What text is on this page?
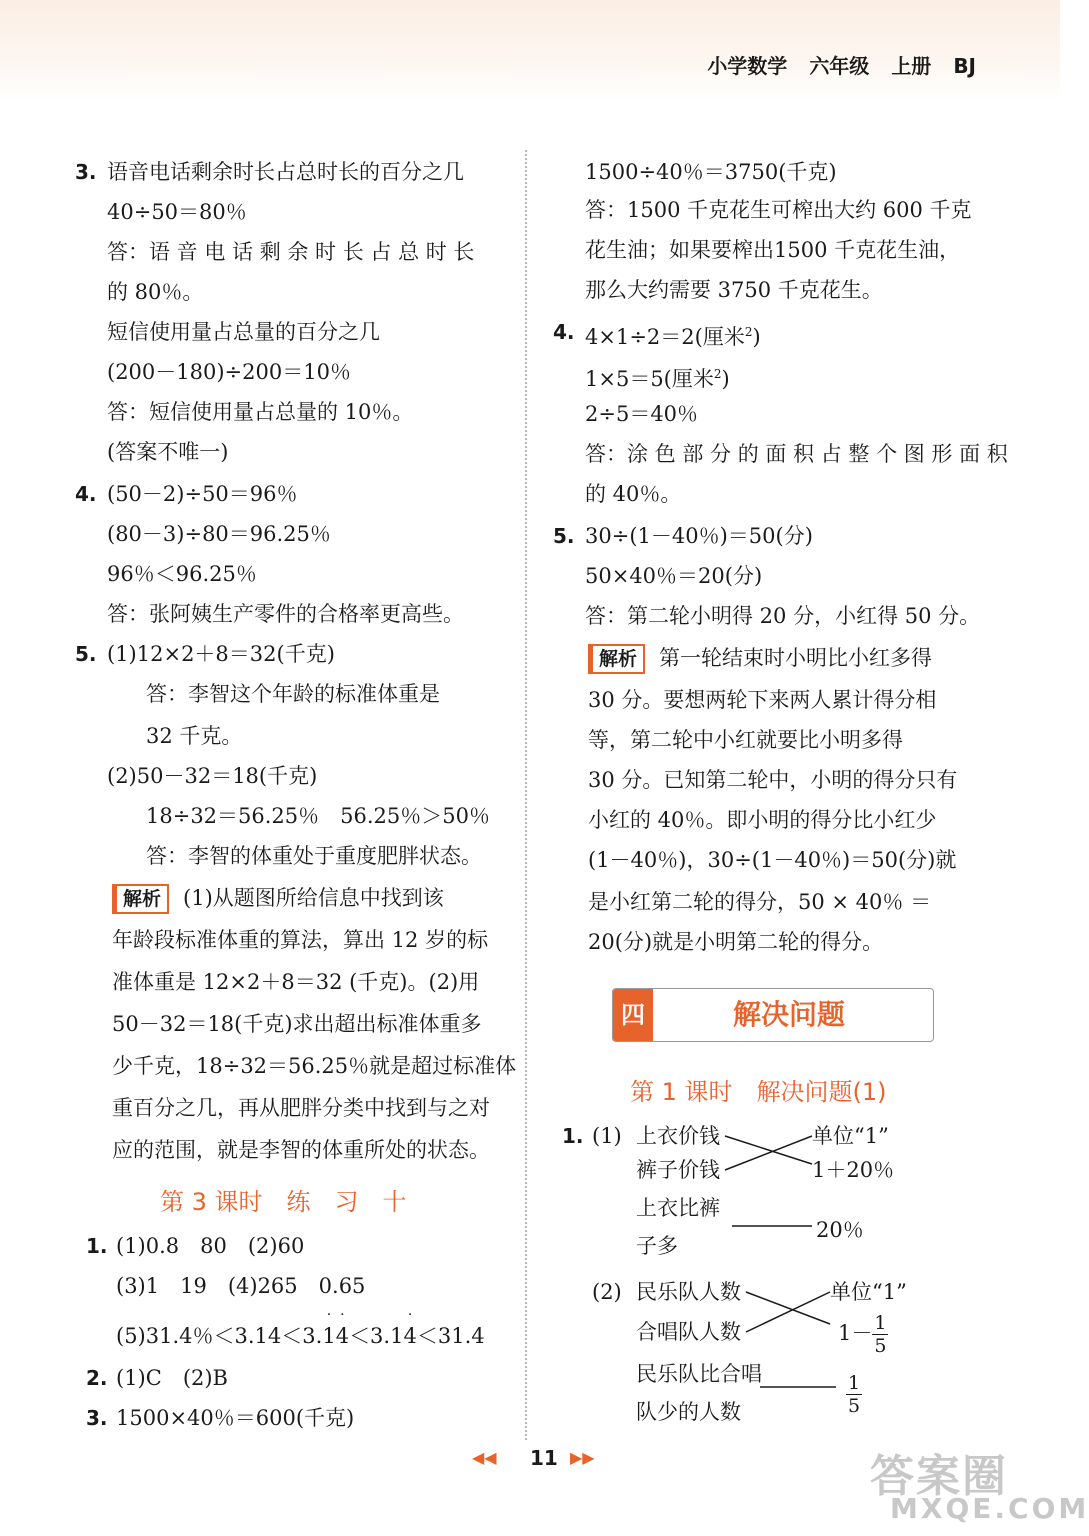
小学数学 六年级 上册 BJ
3. 语音电话剩余时长占总时长的百分之几
40÷50＝80％
答：语 音 电 话 剩 余 时 长 占 总 时 长
的 80％。
短信使用量占总量的百分之几
(200－180)÷200＝10％
答：短信使用量占总量的 10％。
(答案不唯一)
4. (50－2)÷50＝96％
(80－3)÷80＝96.25％
96％＜96.25％
答：张阿姨生产零件的合格率更高些。
5. (1)12×2＋8＝32(千克)
答：李智这个年龄的标准体重是
32 千克。
(2)50－32＝18(千克)
18÷32＝56.25％　56.25％＞50％
答：李智的体重处于重度肥胖状态。
解析 (1)从题图所给信息中找到该
年龄段标准体重的算法，算出 12 岁的标
准体重是 12×2＋8＝32 (千克)。(2)用
50－32＝18(千克)求出超出标准体重多
少千克，18÷32＝56.25％就是超过标准体
重百分之几，再从肥胖分类中找到与之对
应的范围，就是李智的体重所处的状态。
第 3 课时　练　习　十
1. (1)0.8　80　(2)60
(3)1　19　(4)265　0.65
(5)31.4％＜3.14＜3.
·
1
·
4＜3.1
·
4＜31.4
2. (1)C　(2)B
3. 1500×40％＝600(千克)
1500÷40％＝3750(千克)
答：1500 千克花生可榨出大约 600 千克
花生油；如果要榨出1500 千克花生油，
那么大约需要 3750 千克花生。
4. 4×1÷2＝2(厘米$^2$)
1×5＝5(厘米$^2$)
2÷5＝40％
答：涂 色 部 分 的 面 积 占 整 个 图 形 面 积
的 40％。
5. 30÷(1－40％)＝50(分)
50×40％＝20(分)
答：第二轮小明得 20 分，小红得 50 分。
解析 第一轮结束时小明比小红多得
30 分。要想两轮下来两人累计得分相
等，第二轮中小红就要比小明多得
30 分。已知第二轮中，小明的得分只有
小红的 40％。即小明的得分比小红少
(1－40％)，30÷(1－40％)＝50(分)就
是小红第二轮的得分，50 × 40％ ＝
20(分)就是小明第二轮的得分。
四	解决问题
第 1 课时　解决问题(1)
1. (1) 上衣价钱
裤子价钱
上衣比裤
子多
单位“1”
1＋20％
20％
(2) 民乐队人数
合唱队人数
民乐队比合唱
队少的人数
单位“1”
$1- \frac{1}{5}$
$\frac{1}{5}$
◀◀ 11 ▶▶	答案圈
MXQE.COM
